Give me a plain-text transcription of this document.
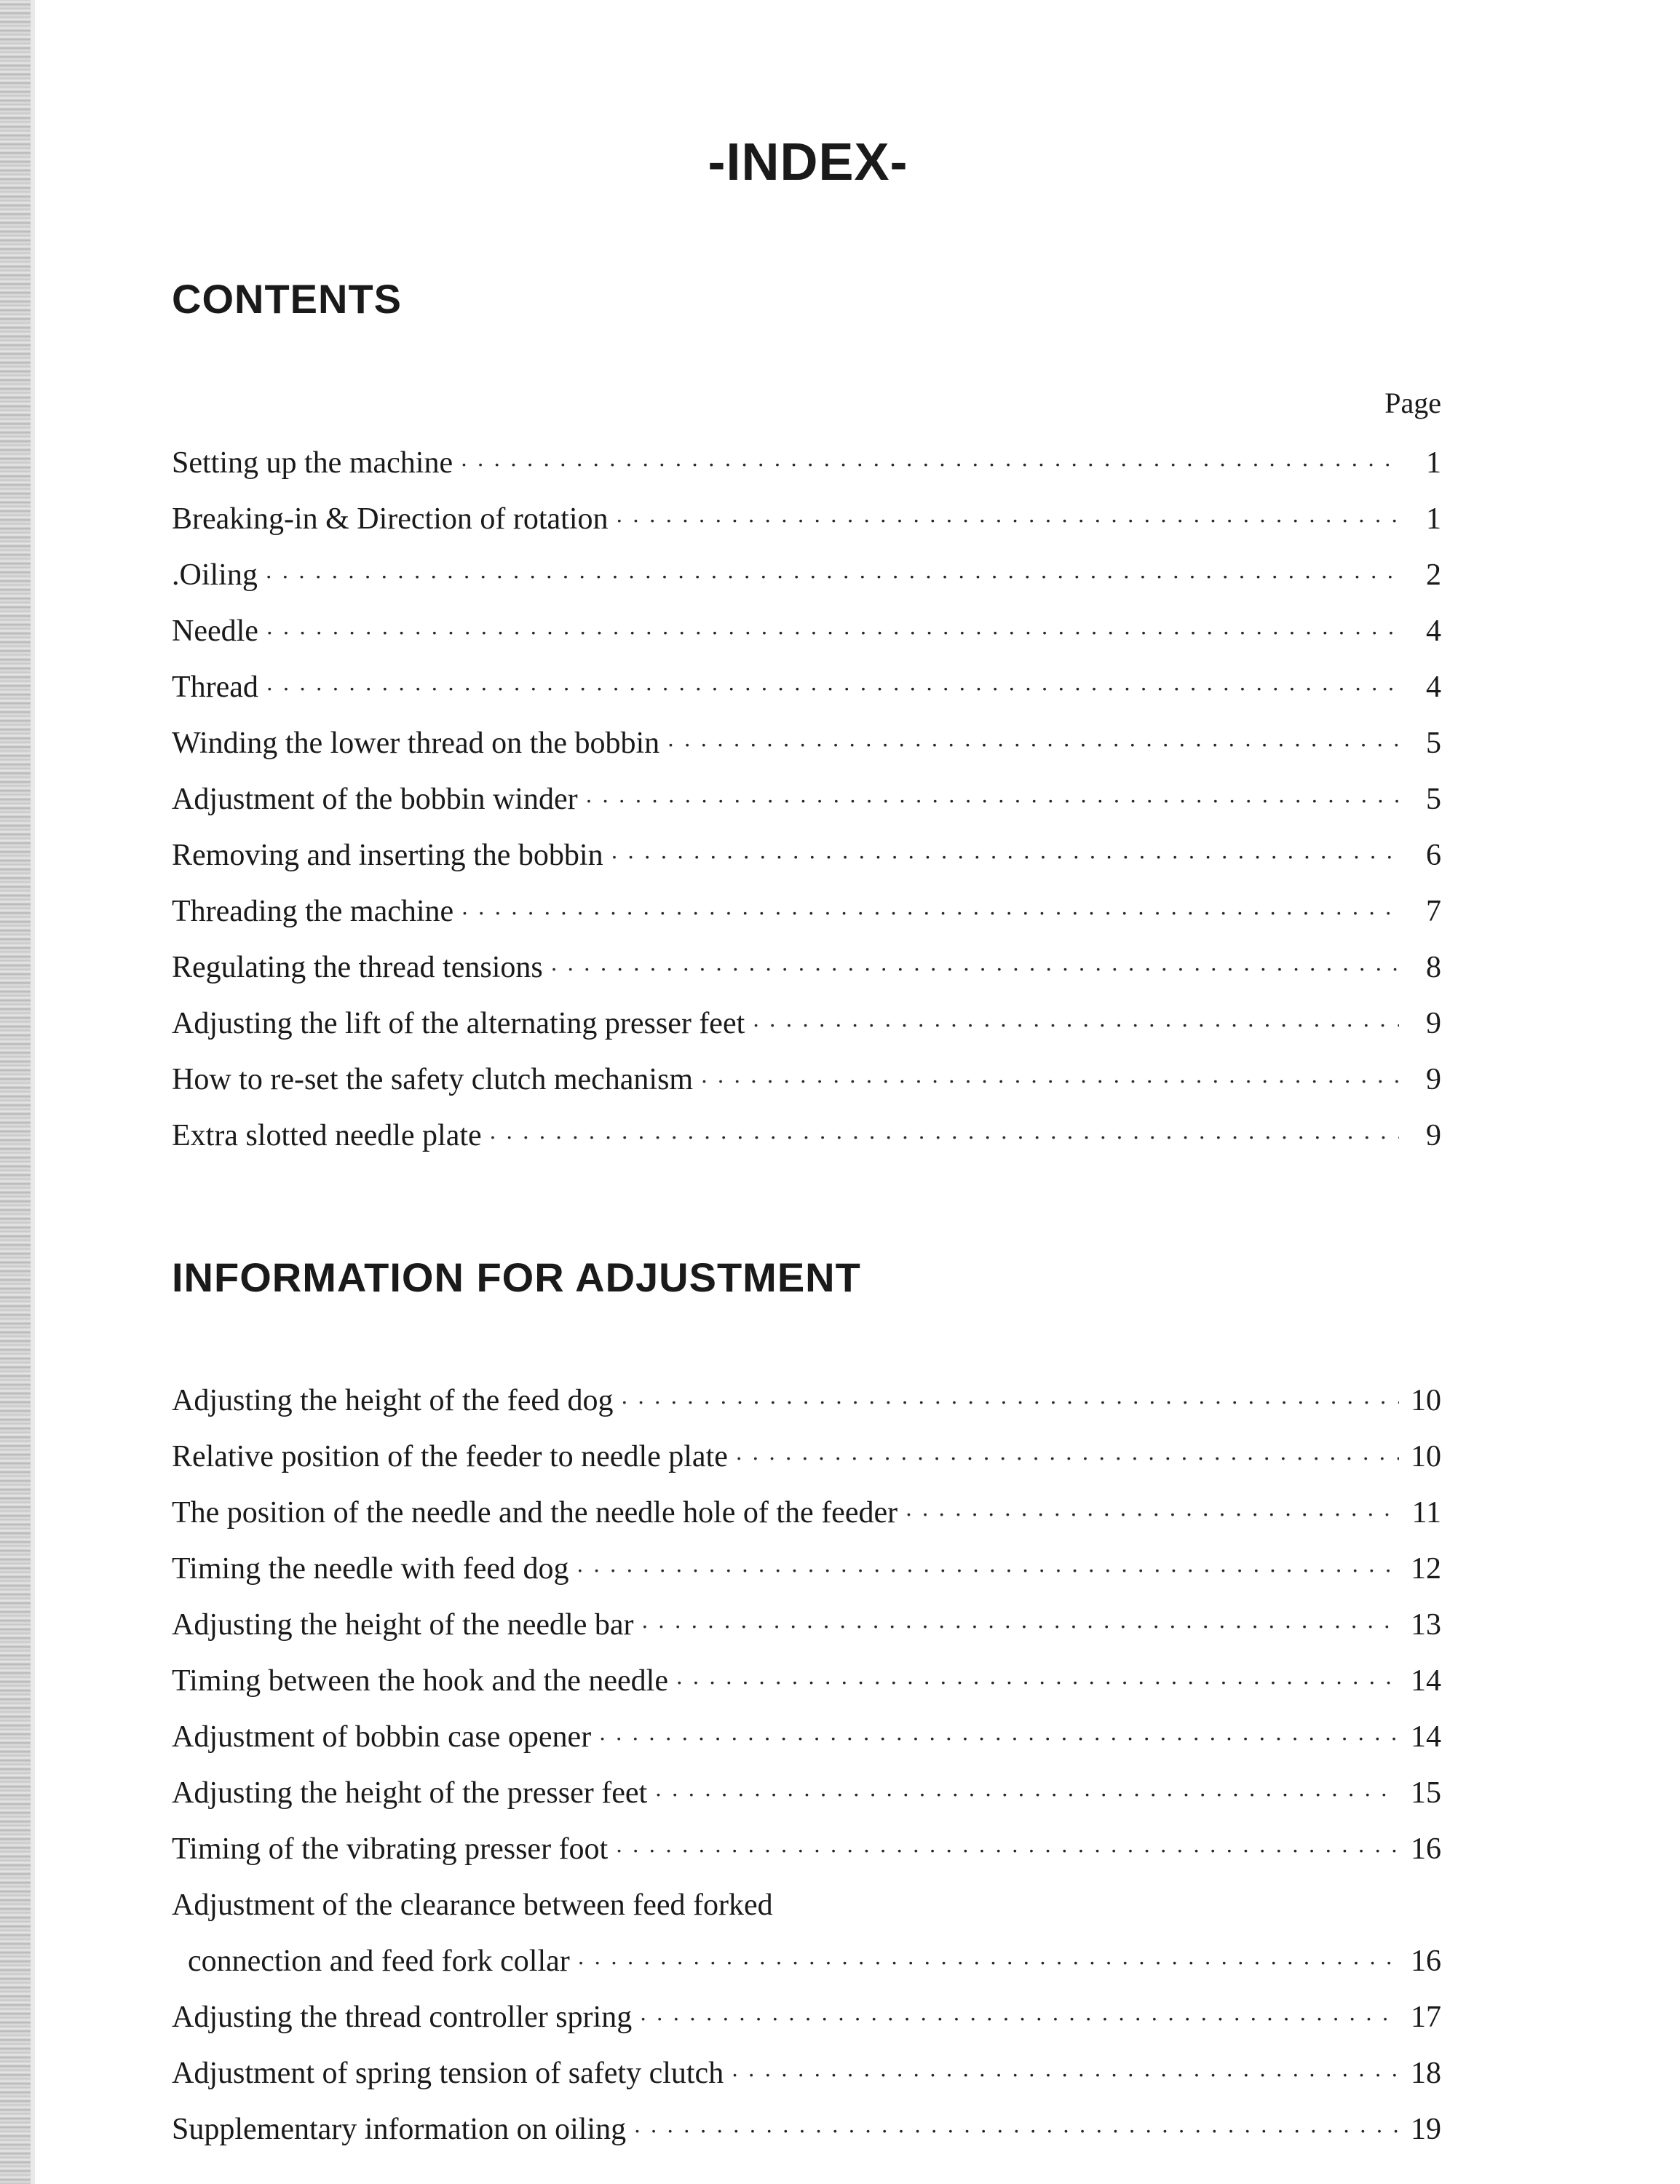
-INDEX-
CONTENTS
Page
Setting up the machine · · ·	1
Breaking-in & Direction of rotation · · ·	1
.Oiling · · ·	2
Needle · · ·	4
Thread · · ·	4
Winding the lower thread on the bobbin · · ·	5
Adjustment of the bobbin winder · · ·	5
Removing and inserting the bobbin · · ·	6
Threading the machine · · ·	7
Regulating the thread tensions · · ·	8
Adjusting the lift of the alternating presser feet · · ·	9
How to re-set the safety clutch mechanism · · ·	9
Extra slotted needle plate · · ·	9
INFORMATION FOR ADJUSTMENT
Adjusting the height of the feed dog · · ·	10
Relative position of the feeder to needle plate · · ·	10
The position of the needle and the needle hole of the feeder · · ·	11
Timing the needle with feed dog · · ·	12
Adjusting the height of the needle bar · · ·	13
Timing between the hook and the needle · · ·	14
Adjustment of bobbin case opener · · ·	14
Adjusting the height of the presser feet · · ·	15
Timing of the vibrating presser foot · · ·	16
Adjustment of the clearance between feed forked
connection and feed fork collar · · ·	16
Adjusting the thread controller spring · · ·	17
Adjustment of spring tension of safety clutch · · ·	18
Supplementary information on oiling · · ·	19
